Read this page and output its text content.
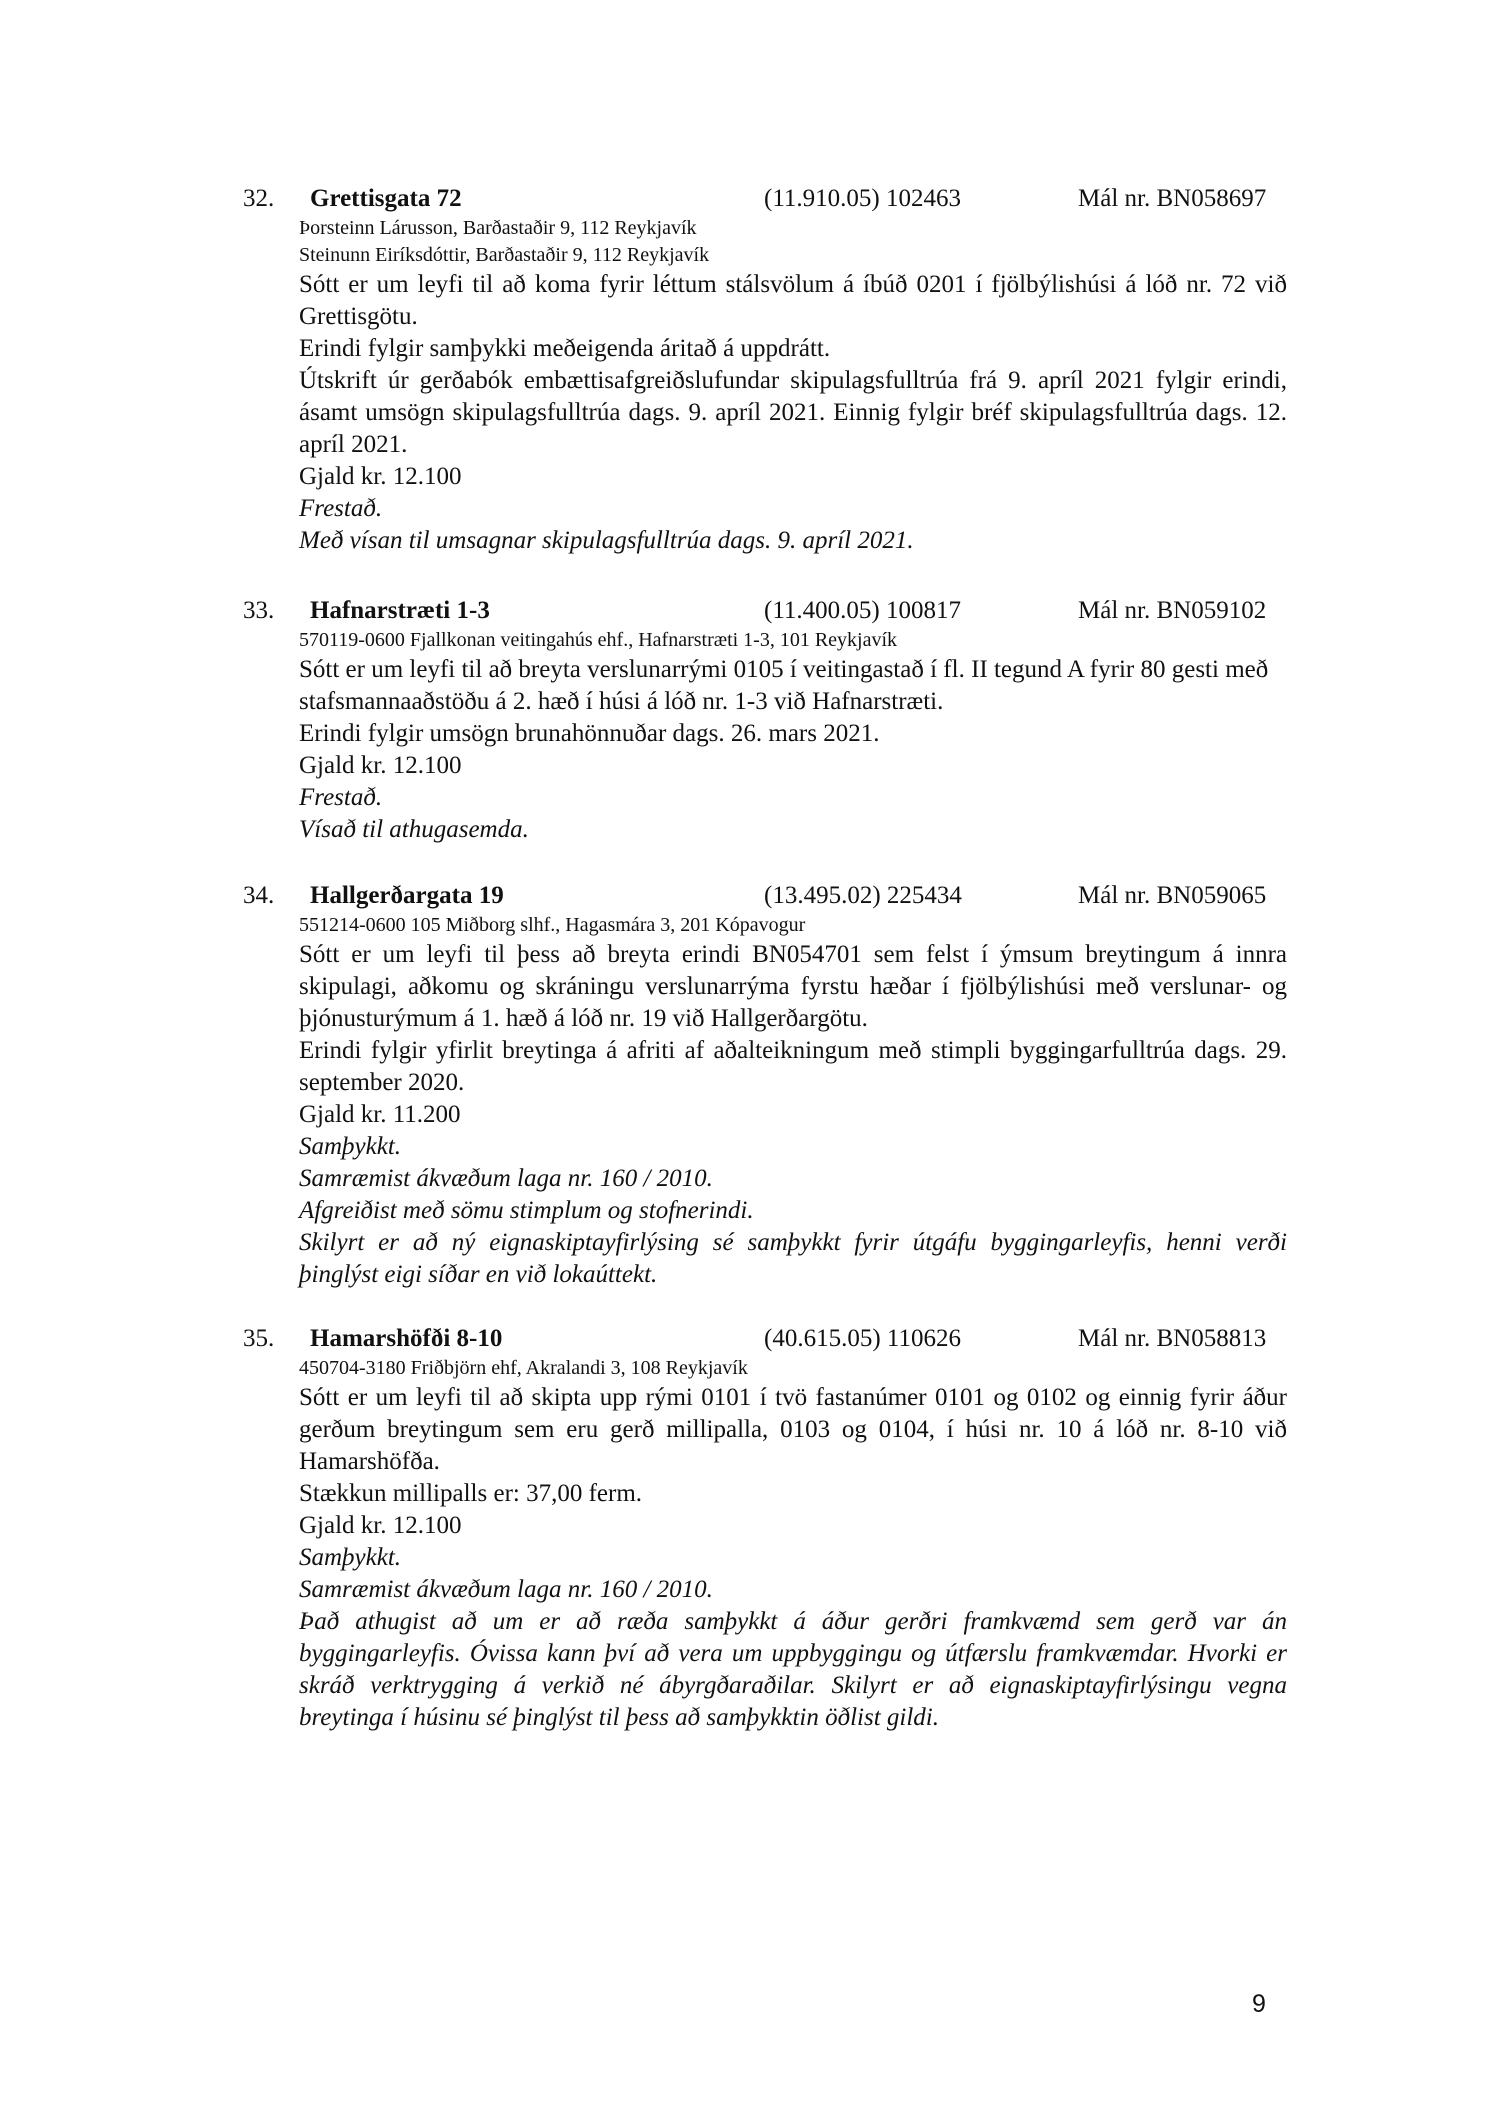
32. Grettisgata 72	(11.910.05) 102463	Mál nr. BN058697
Þorsteinn Lárusson, Barðastaðir 9, 112 Reykjavík
Steinunn Eiríksdóttir, Barðastaðir 9, 112 Reykjavík

Sótt er um leyfi til að koma fyrir léttum stálsvölum á íbúð 0201 í fjölbýlishúsi á lóð nr. 72 við Grettisgötu.

Erindi fylgir samþykki meðeigenda áritað á uppdrátt.

Útskrift úr gerðabók embættisafgreiðslufundar skipulagsfulltrúa frá 9. apríl 2021 fylgir erindi, ásamt umsögn skipulagsfulltrúa dags. 9. apríl 2021. Einnig fylgir bréf skipulagsfulltrúa dags. 12. apríl 2021.

Gjald kr. 12.100

Frestað.

Með vísan til umsagnar skipulagsfulltrúa dags. 9. apríl 2021.

33. Hafnarstræti 1-3	(11.400.05) 100817	Mál nr. BN059102
570119-0600 Fjallkonan veitingahús ehf., Hafnarstræti 1-3, 101 Reykjavík

Sótt er um leyfi til að breyta verslunarrými 0105 í veitingastað í fl. II tegund A fyrir 80 gesti með stafsmannaaðstöðu á 2. hæð í húsi á lóð nr. 1-3 við Hafnarstræti.

Erindi fylgir umsögn brunahönnuðar dags. 26. mars 2021.

Gjald kr. 12.100

Frestað.

Vísað til athugasemda.

34. Hallgerðargata 19	(13.495.02) 225434	Mál nr. BN059065
551214-0600 105 Miðborg slhf., Hagasmára 3, 201 Kópavogur

Sótt er um leyfi til þess að breyta erindi BN054701 sem felst í ýmsum breytingum á innra skipulagi, aðkomu og skráningu verslunarrýma fyrstu hæðar í fjölbýlishúsi með verslunar- og þjónusturýmum á 1. hæð á lóð nr. 19 við Hallgerðargötu.

Erindi fylgir yfirlit breytinga á afriti af aðalteikningum með stimpli byggingarfulltrúa dags. 29. september 2020.

Gjald kr. 11.200

Samþykkt.

Samræmist ákvæðum laga nr. 160 / 2010.

Afgreiðist með sömu stimplum og stofnerindi.

Skilyrt er að ný eignaskiptayfirlýsing sé samþykkt fyrir útgáfu byggingarleyfis, henni verði þinglýst eigi síðar en við lokaúttekt.

35. Hamarshöfði 8-10	(40.615.05) 110626	Mál nr. BN058813
450704-3180 Friðbjörn ehf, Akralandi 3, 108 Reykjavík

Sótt er um leyfi til að skipta upp rými 0101 í tvö fastanúmer 0101 og 0102 og einnig fyrir áður gerðum breytingum sem eru gerð millipalla, 0103 og 0104, í húsi nr. 10 á lóð nr. 8-10 við Hamarshöfða.

Stækkun millipalls er: 37,00 ferm.

Gjald kr. 12.100

Samþykkt.

Samræmist ákvæðum laga nr. 160 / 2010.

Það athugist að um er að ræða samþykkt á áður gerðri framkvæmd sem gerð var án byggingarleyfis. Óvissa kann því að vera um uppbyggingu og útfærslu framkvæmdar. Hvorki er skráð verktrygging á verkið né ábyrgðaraðilar. Skilyrt er að eignaskiptayfirlýsingu vegna breytinga í húsinu sé þinglýst til þess að samþykktin öðlist gildi.

9
